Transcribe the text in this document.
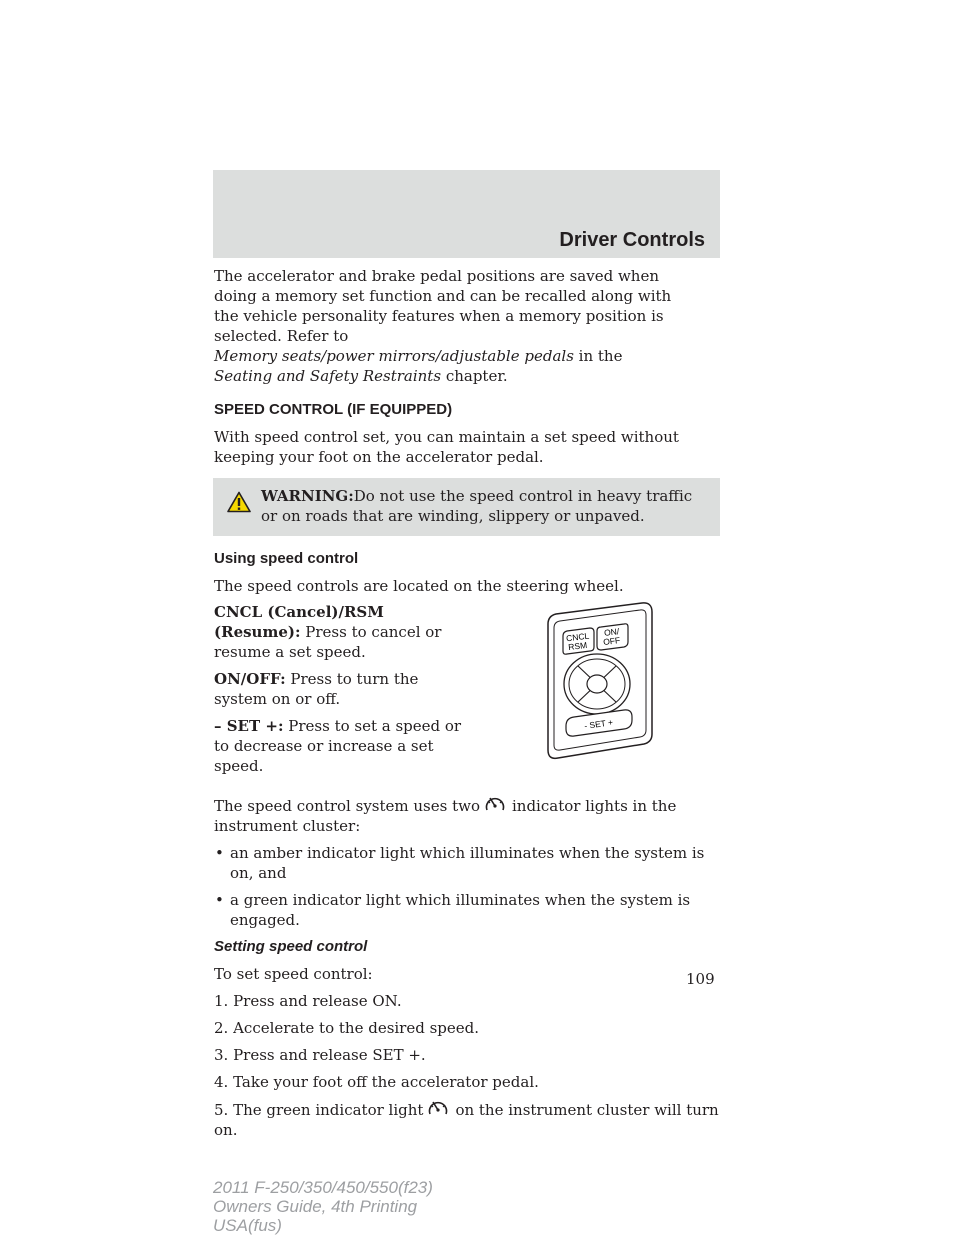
Driver Controls

The accelerator and brake pedal positions are saved when doing a memory set function and can be recalled along with the vehicle personality features when a memory position is selected. Refer to
Memory seats/power mirrors/adjustable pedals in the Seating and Safety Restraints chapter.

SPEED CONTROL (IF EQUIPPED)

With speed control set, you can maintain a set speed without keeping your foot on the accelerator pedal.

WARNING:Do not use the speed control in heavy traffic or on roads that are winding, slippery or unpaved.

Using speed control

The speed controls are located on the steering wheel.

CNCL (Cancel)/RSM (Resume): Press to cancel or resume a set speed.

ON/OFF: Press to turn the system on or off.

– SET +: Press to set a speed or to decrease or increase a set speed.

CNCL
RSM
ON/
OFF
- SET +

The speed control system uses two indicator lights in the instrument cluster:

• an amber indicator light which illuminates when the system is on, and
• a green indicator light which illuminates when the system is engaged.

Setting speed control

To set speed control:

1. Press and release ON.

2. Accelerate to the desired speed.

3. Press and release SET +.

4. Take your foot off the accelerator pedal.

5. The green indicator light on the instrument cluster will turn on.

109
2011 F-250/350/450/550(f23)
Owners Guide, 4th Printing
USA(fus)
